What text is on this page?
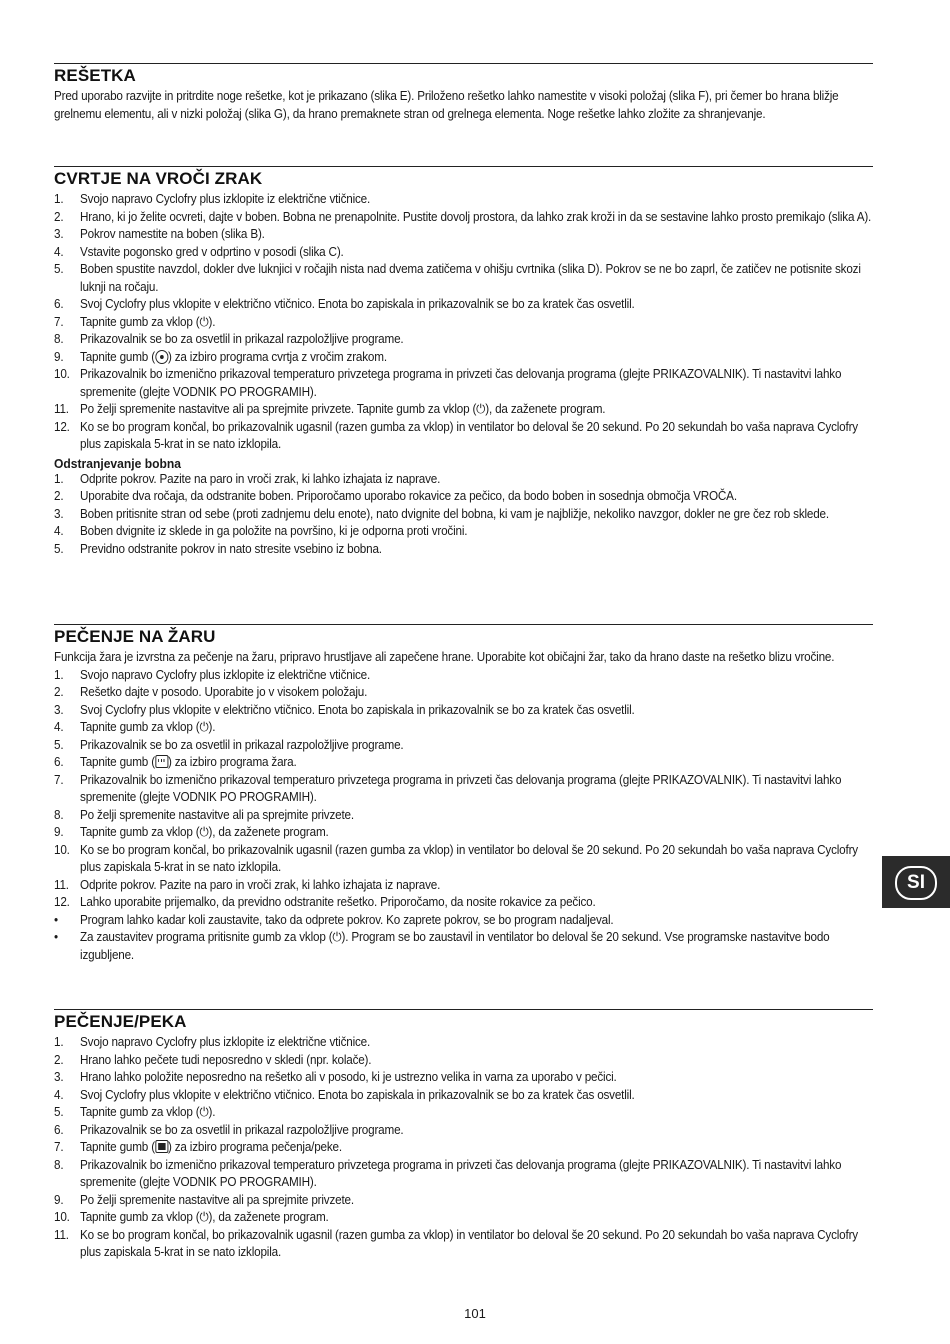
REŠETKA

Pred uporabo razvijte in pritrdite noge rešetke, kot je prikazano (slika E). Priloženo rešetko lahko namestite v visoki položaj (slika F), pri čemer bo hrana bližje grelnemu elementu, ali v nizki položaj (slika G), da hrano premaknete stran od grelnega elementa. Noge rešetke lahko zložite za shranjevanje.

CVRTJE NA VROČI ZRAK
1. Svojo napravo Cyclofry plus izklopite iz električne vtičnice.
2. Hrano, ki jo želite ocvreti, dajte v boben. Bobna ne prenapolnite. Pustite dovolj prostora, da lahko zrak kroži in da se sestavine lahko prosto premikajo (slika A).
3. Pokrov namestite na boben (slika B).
4. Vstavite pogonsko gred v odprtino v posodi (slika C).
5. Boben spustite navzdol, dokler dve luknjici v ročajih nista nad dvema zatičema v ohišju cvrtnika (slika D). Pokrov se ne bo zaprl, če zatičev ne potisnite skozi luknji na ročaju.
6. Svoj Cyclofry plus vklopite v električno vtičnico. Enota bo zapiskala in prikazovalnik se bo za kratek čas osvetlil.
7. Tapnite gumb za vklop (⏻).
8. Prikazovalnik se bo za osvetlil in prikazal razpoložljive programe.
9. Tapnite gumb ( ) za izbiro programa cvrtja z vročim zrakom.
10. Prikazovalnik bo izmenično prikazoval temperaturo privzetega programa in privzeti čas delovanja programa (glejte PRIKAZOVALNIK). Ti nastavitvi lahko spremenite (glejte VODNIK PO PROGRAMIH).
11. Po želji spremenite nastavitve ali pa sprejmite privzete. Tapnite gumb za vklop (⏻), da zaženete program.
12. Ko se bo program končal, bo prikazovalnik ugasnil (razen gumba za vklop) in ventilator bo deloval še 20 sekund. Po 20 sekundah bo vaša naprava Cyclofry plus zapiskala 5-krat in se nato izklopila.
Odstranjevanje bobna
1. Odprite pokrov. Pazite na paro in vroči zrak, ki lahko izhajata iz naprave.
2. Uporabite dva ročaja, da odstranite boben. Priporočamo uporabo rokavice za pečico, da bodo boben in sosednja območja VROČA.
3. Boben pritisnite stran od sebe (proti zadnjemu delu enote), nato dvignite del bobna, ki vam je najbližje, nekoliko navzgor, dokler ne gre čez rob sklede.
4. Boben dvignite iz sklede in ga položite na površino, ki je odporna proti vročini.
5. Previdno odstranite pokrov in nato stresite vsebino iz bobna.
PEČENJE NA ŽARU

Funkcija žara je izvrstna za pečenje na žaru, pripravo hrustljave ali zapečene hrane. Uporabite kot običajni žar, tako da hrano daste na rešetko blizu vročine.

1. Svojo napravo Cyclofry plus izklopite iz električne vtičnice.
2. Rešetko dajte v posodo. Uporabite jo v visokem položaju.
3. Svoj Cyclofry plus vklopite v električno vtičnico. Enota bo zapiskala in prikazovalnik se bo za kratek čas osvetlil.
4. Tapnite gumb za vklop (⏻).
5. Prikazovalnik se bo za osvetlil in prikazal razpoložljive programe.
6. Tapnite gumb ( ) za izbiro programa žara.
7. Prikazovalnik bo izmenično prikazoval temperaturo privzetega programa in privzeti čas delovanja programa (glejte PRIKAZOVALNIK). Ti nastavitvi lahko spremenite (glejte VODNIK PO PROGRAMIH).
8. Po želji spremenite nastavitve ali pa sprejmite privzete.
9. Tapnite gumb za vklop (⏻), da zaženete program.
10. Ko se bo program končal, bo prikazovalnik ugasnil (razen gumba za vklop) in ventilator bo deloval še 20 sekund. Po 20 sekundah bo vaša naprava Cyclofry plus zapiskala 5-krat in se nato izklopila.
11. Odprite pokrov. Pazite na paro in vroči zrak, ki lahko izhajata iz naprave.
12. Lahko uporabite prijemalko, da previdno odstranite rešetko. Priporočamo, da nosite rokavice za pečico.
• Program lahko kadar koli zaustavite, tako da odprete pokrov. Ko zaprete pokrov, se bo program nadaljeval.
• Za zaustavitev programa pritisnite gumb za vklop (⏻). Program se bo zaustavil in ventilator bo deloval še 20 sekund. Vse programske nastavitve bodo izgubljene.
PEČENJE/PEKA
1. Svojo napravo Cyclofry plus izklopite iz električne vtičnice.
2. Hrano lahko pečete tudi neposredno v skledi (npr. kolače).
3. Hrano lahko položite neposredno na rešetko ali v posodo, ki je ustrezno velika in varna za uporabo v pečici.
4. Svoj Cyclofry plus vklopite v električno vtičnico. Enota bo zapiskala in prikazovalnik se bo za kratek čas osvetlil.
5. Tapnite gumb za vklop (⏻).
6. Prikazovalnik se bo za osvetlil in prikazal razpoložljive programe.
7. Tapnite gumb ( ) za izbiro programa pečenja/peke.
8. Prikazovalnik bo izmenično prikazoval temperaturo privzetega programa in privzeti čas delovanja programa (glejte PRIKAZOVALNIK). Ti nastavitvi lahko spremenite (glejte VODNIK PO PROGRAMIH).
9. Po želji spremenite nastavitve ali pa sprejmite privzete.
10. Tapnite gumb za vklop (⏻), da zaženete program.
11. Ko se bo program končal, bo prikazovalnik ugasnil (razen gumba za vklop) in ventilator bo deloval še 20 sekund. Po 20 sekundah bo vaša naprava Cyclofry plus zapiskala 5-krat in se nato izklopila.
SI
101
